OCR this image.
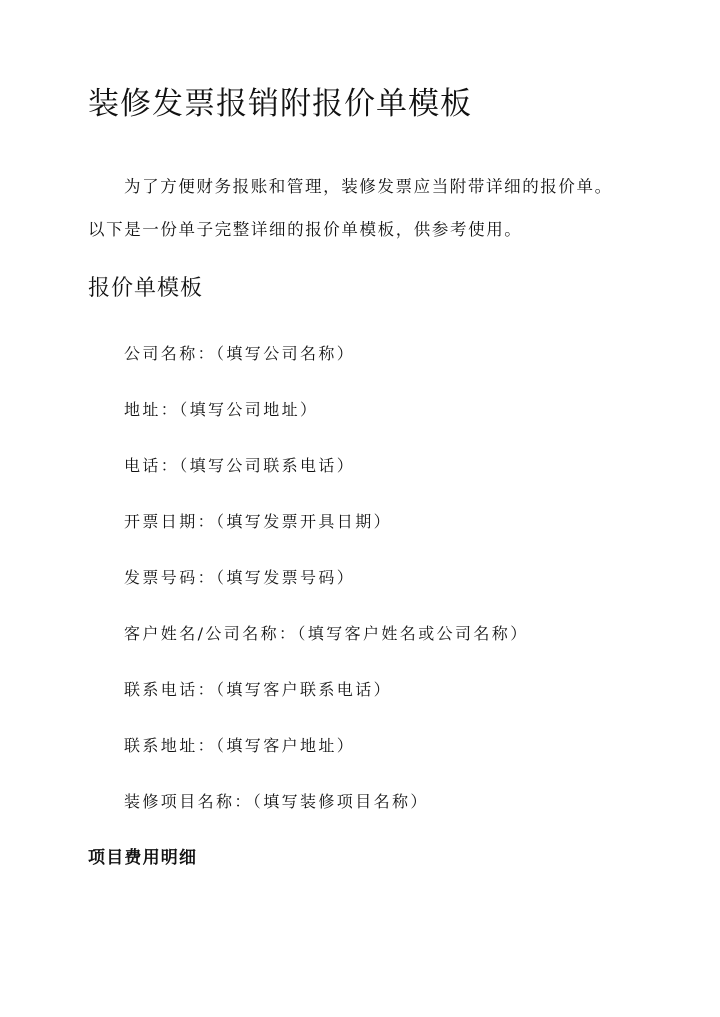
装修发票报销附报价单模板

为了方便财务报账和管理，装修发票应当附带详细的报价单。

以下是一份单子完整详细的报价单模板，供参考使用。

报价单模板

公司名称：（填写公司名称）

地址：（填写公司地址）

电话：（填写公司联系电话）

开票日期：（填写发票开具日期）

发票号码：（填写发票号码）

客户姓名/公司名称：（填写客户姓名或公司名称）

联系电话：（填写客户联系电话）

联系地址：（填写客户地址）

装修项目名称：（填写装修项目名称）

项目费用明细
